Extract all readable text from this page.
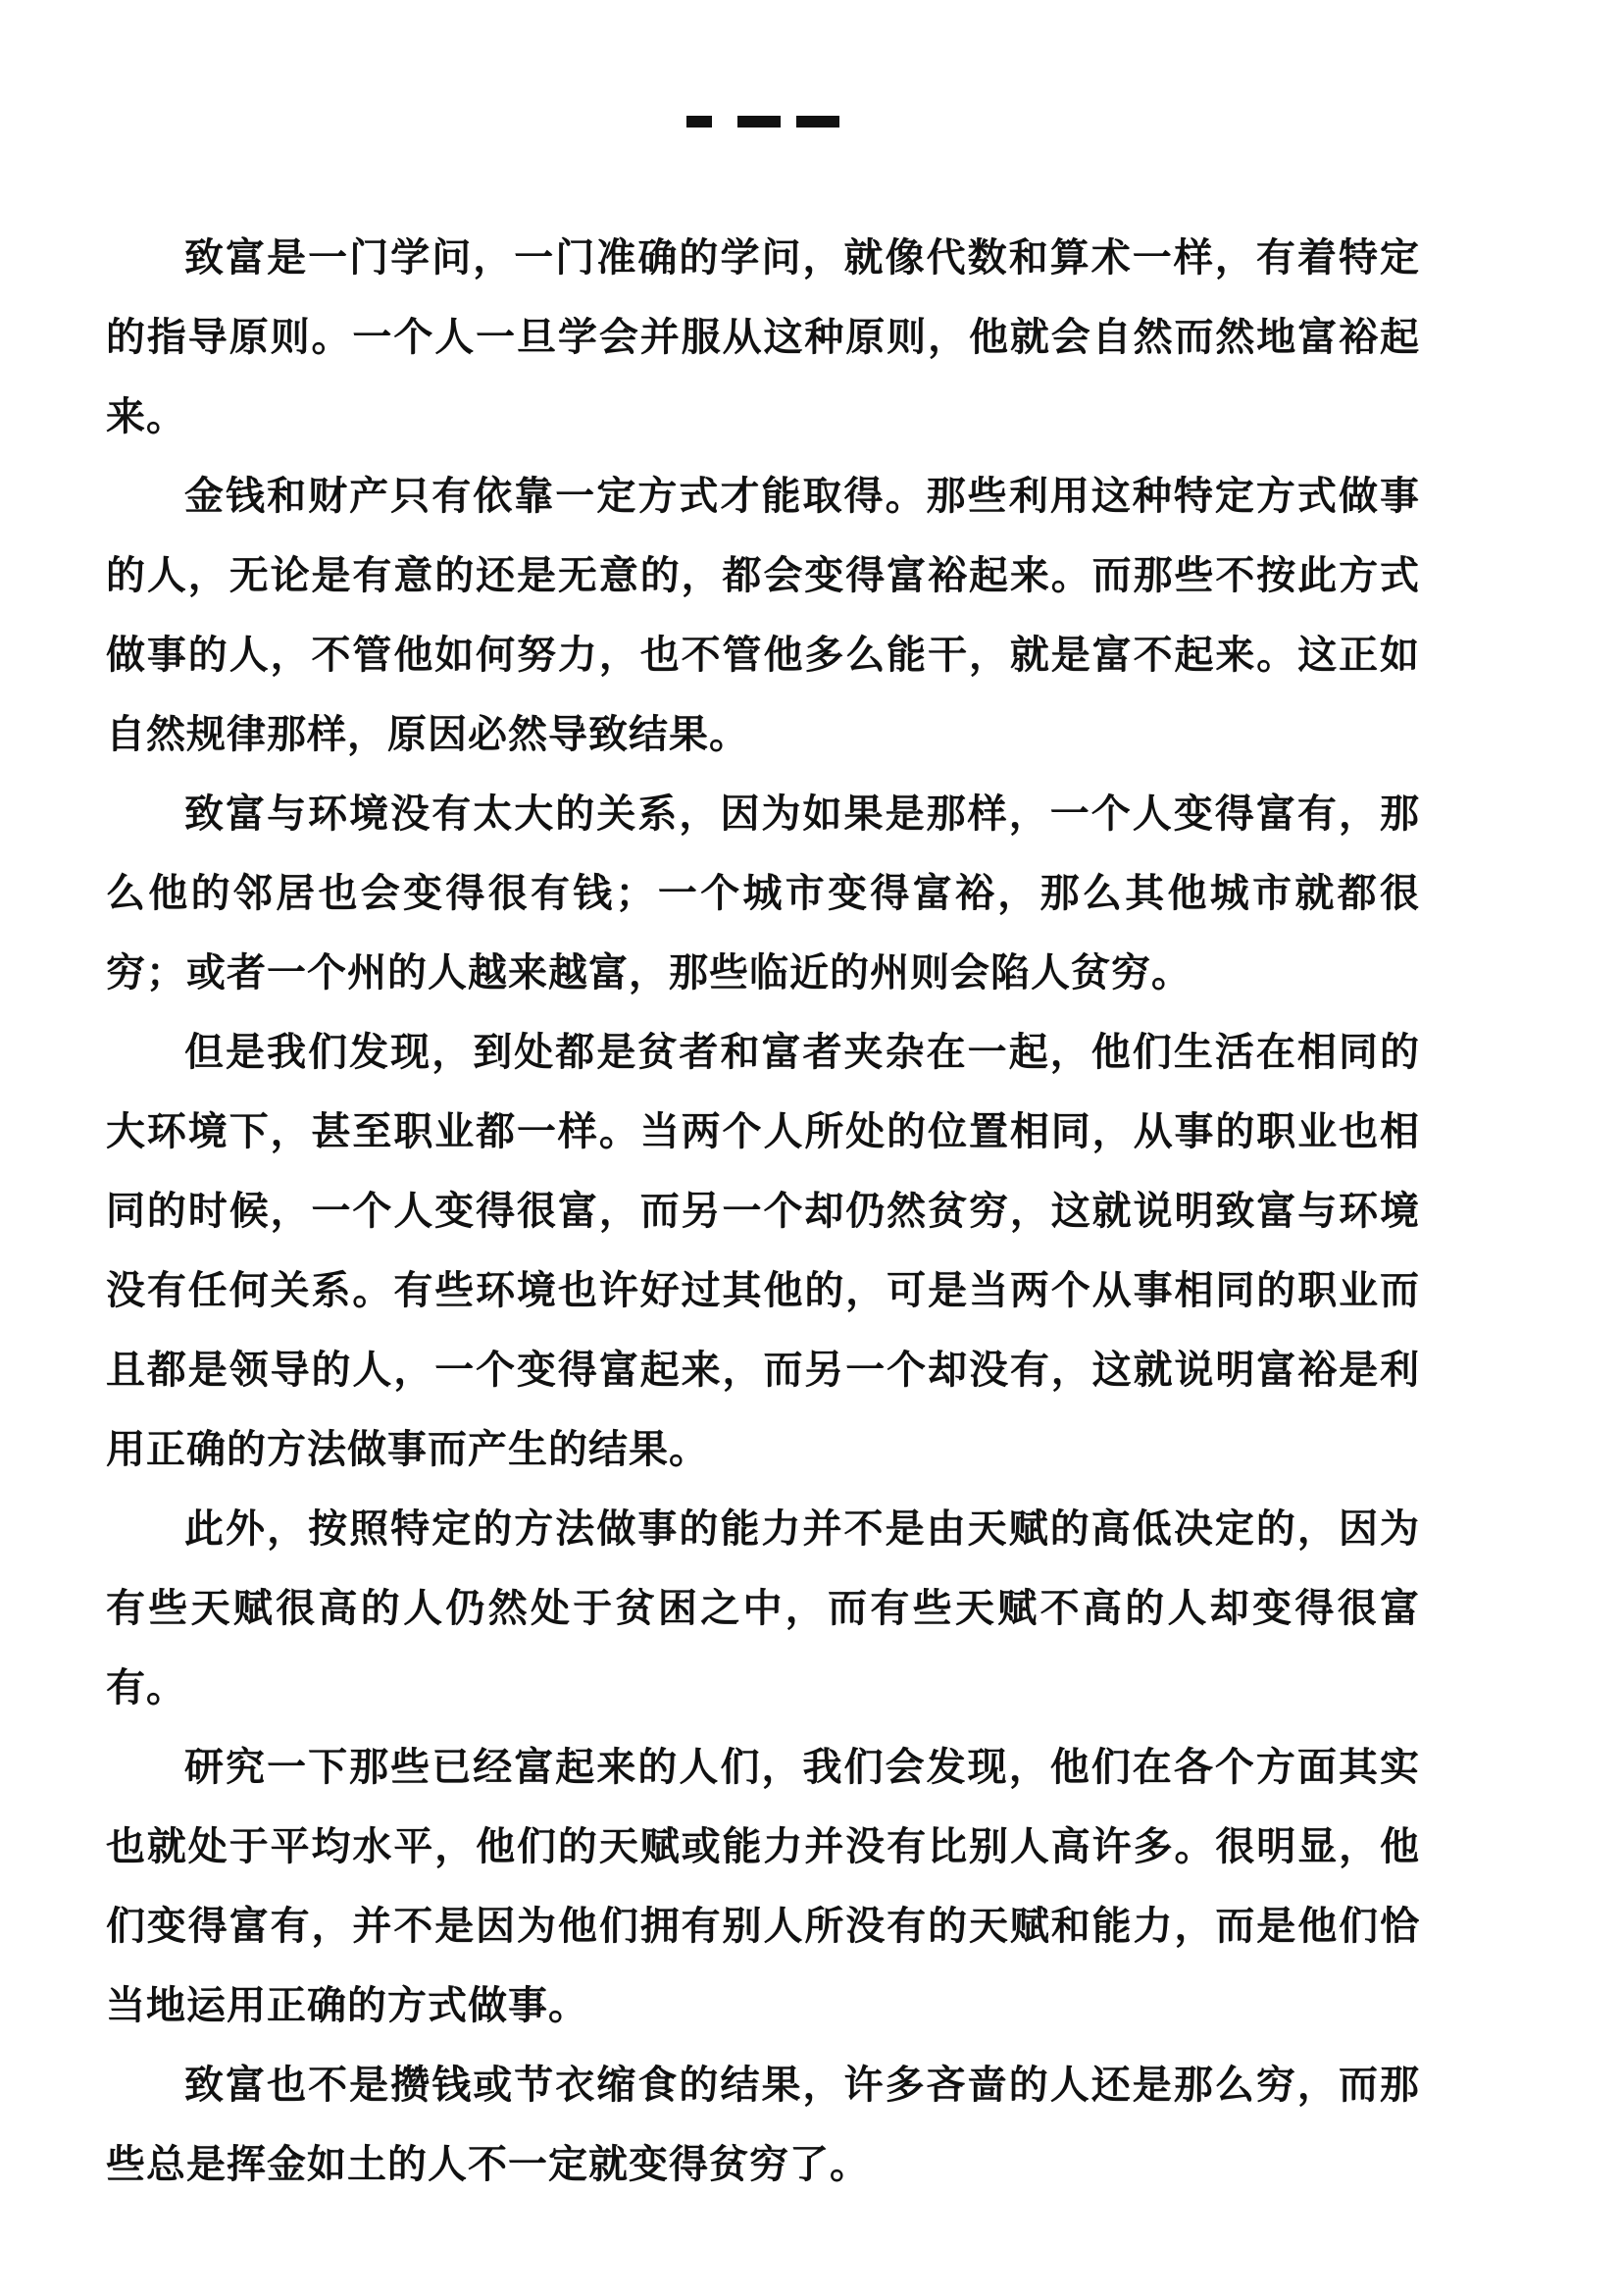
致富是一门学问，一门准确的学问，就像代数和算术一样，有着特定的指导原则。一个人一旦学会并服从这种原则，他就会自然而然地富裕起来。

金钱和财产只有依靠一定方式才能取得。那些利用这种特定方式做事的人，无论是有意的还是无意的，都会变得富裕起来。而那些不按此方式做事的人，不管他如何努力，也不管他多么能干，就是富不起来。这正如自然规律那样，原因必然导致结果。

致富与环境没有太大的关系，因为如果是那样，一个人变得富有，那么他的邻居也会变得很有钱；一个城市变得富裕，那么其他城市就都很穷；或者一个州的人越来越富，那些临近的州则会陷人贫穷。

但是我们发现，到处都是贫者和富者夹杂在一起，他们生活在相同的大环境下，甚至职业都一样。当两个人所处的位置相同，从事的职业也相同的时候，一个人变得很富，而另一个却仍然贫穷，这就说明致富与环境没有任何关系。有些环境也许好过其他的，可是当两个从事相同的职业而且都是领导的人，一个变得富起来，而另一个却没有，这就说明富裕是利用正确的方法做事而产生的结果。

此外，按照特定的方法做事的能力并不是由天赋的高低决定的，因为有些天赋很高的人仍然处于贫困之中，而有些天赋不高的人却变得很富有。

研究一下那些已经富起来的人们，我们会发现，他们在各个方面其实也就处于平均水平，他们的天赋或能力并没有比别人高许多。很明显，他们变得富有，并不是因为他们拥有别人所没有的天赋和能力，而是他们恰当地运用正确的方式做事。

致富也不是攒钱或节衣缩食的结果，许多吝啬的人还是那么穷，而那些总是挥金如土的人不一定就变得贫穷了。
